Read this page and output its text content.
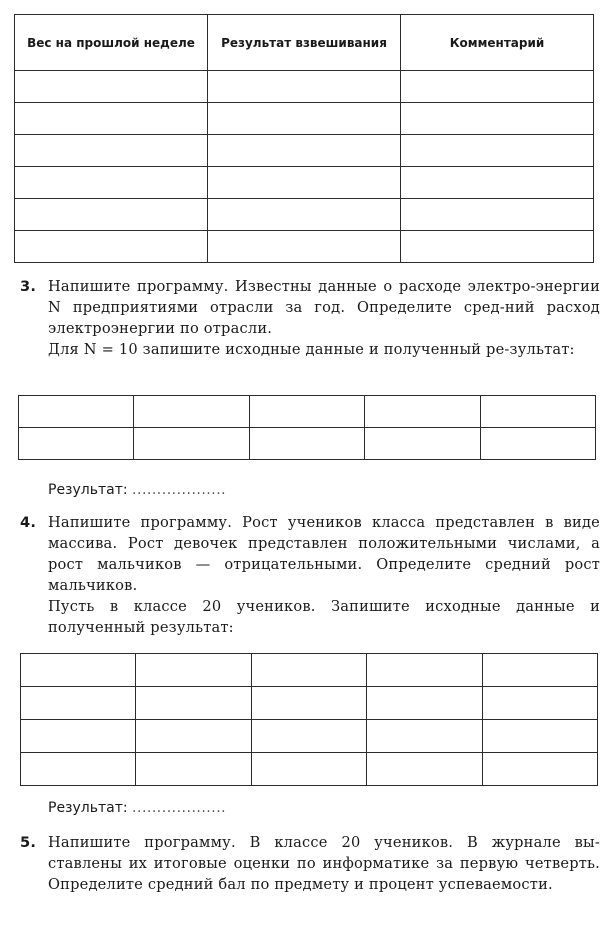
Вес на прошлой неделе	Результат взвешивания	Комментарий

3. Напишите программу. Известны данные о расходе электро-энергии N предприятиями отрасли за год. Определите сред-ний расход электроэнергии по отрасли.

Для N = 10 запишите исходные данные и полученный ре-зультат:

Результат: ...................
4. Напишите программу. Рост учеников класса представлен в виде массива. Рост девочек представлен положительными числами, а рост мальчиков — отрицательными. Определите средний рост мальчиков.

Пусть в классе 20 учеников. Запишите исходные данные и полученный результат:

Результат: ...................
5. Напишите программу. В классе 20 учеников. В журнале вы-ставлены их итоговые оценки по информатике за первую четверть. Определите средний бал по предмету и процент успеваемости.
